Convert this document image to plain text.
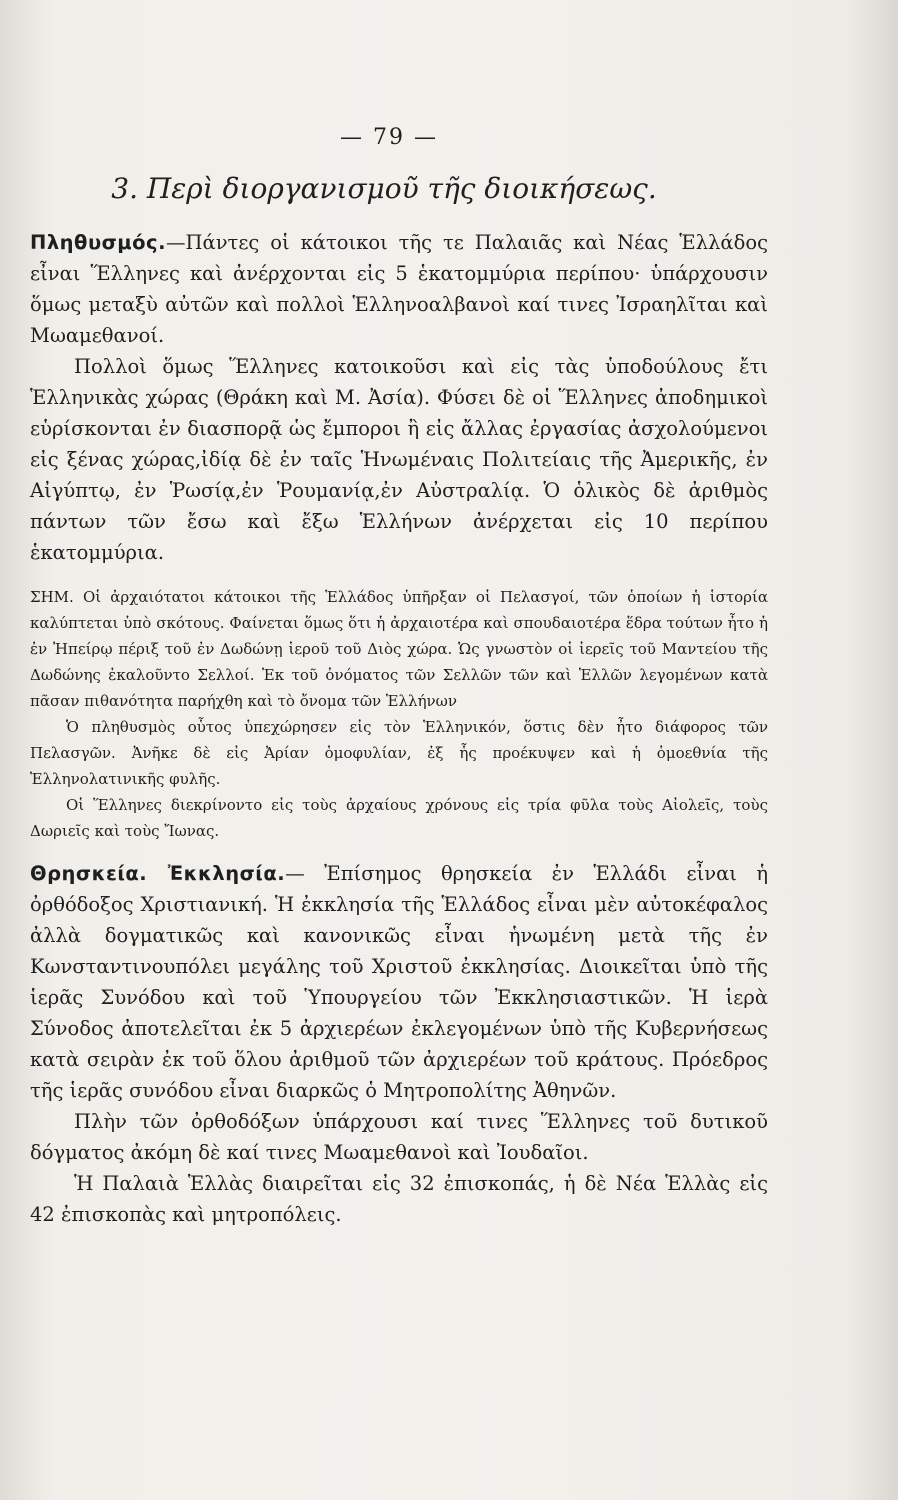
— 79 —
3. Περὶ διοργανισμοῦ τῆς διοικήσεως.

Πληθυσμός.—Πάντες οἱ κάτοικοι τῆς τε Παλαιᾶς καὶ Νέας Ἑλλάδος εἶναι Ἕλληνες καὶ ἀνέρχονται εἰς 5 ἑκατομμύρια περίπου· ὑπάρχουσιν ὅμως μεταξὺ αὐτῶν καὶ πολλοὶ Ἑλληνοαλβανοὶ καί τινες Ἰσραηλῖται καὶ Μωαμεθανοί.

Πολλοὶ ὅμως Ἕλληνες κατοικοῦσι καὶ εἰς τὰς ὑποδούλους ἔτι Ἑλληνικὰς χώρας (Θράκη καὶ Μ. Ἀσία). Φύσει δὲ οἱ Ἕλληνες ἀποδημικοὶ εὑρίσκονται ἐν διασπορᾷ ὡς ἔμποροι ἢ εἰς ἄλλας ἐργασίας ἀσχολούμενοι εἰς ξένας χώρας,ἰδίᾳ δὲ ἐν ταῖς Ἡνωμέναις Πολιτείαις τῆς Ἀμερικῆς, ἐν Αἰγύπτῳ, ἐν Ῥωσίᾳ,ἐν Ῥουμανίᾳ,ἐν Αὐστραλίᾳ. Ὁ ὁλικὸς δὲ ἀριθμὸς πάντων τῶν ἔσω καὶ ἔξω Ἑλλήνων ἀνέρχεται εἰς 10 περίπου ἑκατομμύρια.

ΣΗΜ. Οἱ ἀρχαιότατοι κάτοικοι τῆς Ἑλλάδος ὑπῆρξαν οἱ Πελασγοί, τῶν ὁποίων ἡ ἱστορία καλύπτεται ὑπὸ σκότους. Φαίνεται ὅμως ὅτι ἡ ἀρχαιοτέρα καὶ σπουδαιοτέρα ἕδρα τούτων ἦτο ἡ ἐν Ἠπείρῳ πέριξ τοῦ ἐν Δωδώνῃ ἱεροῦ τοῦ Διὸς χώρα. Ὡς γνωστὸν οἱ ἱερεῖς τοῦ Μαντείου τῆς Δωδώνης ἐκαλοῦντο Σελλοί. Ἐκ τοῦ ὀνόματος τῶν Σελλῶν τῶν καὶ Ἑλλῶν λεγομένων κατὰ πᾶσαν πιθανότητα παρήχθη καὶ τὸ ὄνομα τῶν Ἑλλήνων

Ὁ πληθυσμὸς οὗτος ὑπεχώρησεν εἰς τὸν Ἑλληνικόν, ὅστις δὲν ἦτο διάφορος τῶν Πελασγῶν. Ἀνῆκε δὲ εἰς Ἀρίαν ὁμοφυλίαν, ἐξ ἧς προέκυψεν καὶ ἡ ὁμοεθνία τῆς Ἑλληνολατινικῆς φυλῆς.

Οἱ Ἕλληνες διεκρίνοντο εἰς τοὺς ἀρχαίους χρόνους εἰς τρία φῦλα τοὺς Αἰολεῖς, τοὺς Δωριεῖς καὶ τοὺς Ἴωνας.

Θρησκεία. Ἐκκλησία.— Ἐπίσημος θρησκεία ἐν Ἑλλάδι εἶναι ἡ ὀρθόδοξος Χριστιανική. Ἡ ἐκκλησία τῆς Ἑλλάδος εἶναι μὲν αὐτοκέφαλος ἀλλὰ δογματικῶς καὶ κανονικῶς εἶναι ἡνωμένη μετὰ τῆς ἐν Κωνσταντινουπόλει μεγάλης τοῦ Χριστοῦ ἐκκλησίας. Διοικεῖται ὑπὸ τῆς ἱερᾶς Συνόδου καὶ τοῦ Ὑπουργείου τῶν Ἐκκλησιαστικῶν. Ἡ ἱερὰ Σύνοδος ἀποτελεῖται ἐκ 5 ἀρχιερέων ἐκλεγομένων ὑπὸ τῆς Κυβερνήσεως κατὰ σειρὰν ἐκ τοῦ ὅλου ἀριθμοῦ τῶν ἀρχιερέων τοῦ κράτους. Πρόεδρος τῆς ἱερᾶς συνόδου εἶναι διαρκῶς ὁ Μητροπολίτης Ἀθηνῶν.

Πλὴν τῶν ὀρθοδόξων ὑπάρχουσι καί τινες Ἕλληνες τοῦ δυτικοῦ δόγματος ἀκόμη δὲ καί τινες Μωαμεθανοὶ καὶ Ἰουδαῖοι.

Ἡ Παλαιὰ Ἑλλὰς διαιρεῖται εἰς 32 ἐπισκοπάς, ἡ δὲ Νέα Ἑλλὰς εἰς 42 ἐπισκοπὰς καὶ μητροπόλεις.
